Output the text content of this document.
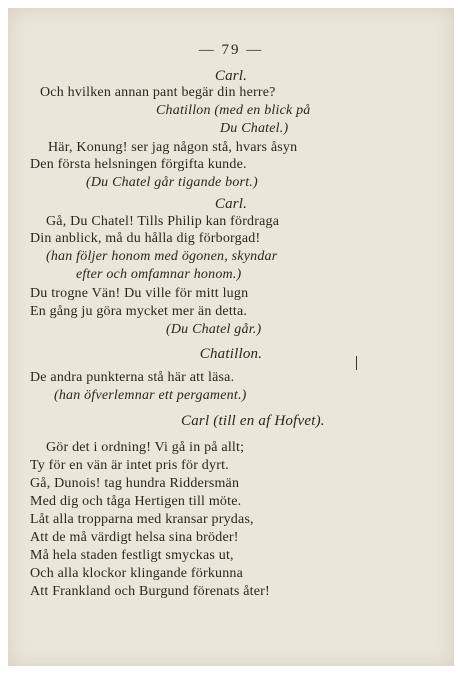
— 79 —
Carl.
Och hvilken annan pant begär din herre?
Chatillon (med en blick på
Du Chatel.)
Här, Konung! ser jag någon stå, hvars åsyn
Den första helsningen förgifta kunde.
(Du Chatel går tigande bort.)
Carl.
Gå, Du Chatel! Tills Philip kan fördraga
Din anblick, må du hålla dig förborgad!
(han följer honom med ögonen, skyndar
efter och omfamnar honom.)
Du trogne Vän! Du ville för mitt lugn
En gång ju göra mycket mer än detta.
(Du Chatel går.)
Chatillon.
De andra punkterna stå här att läsa.
(han öfverlemnar ett pergament.)
Carl (till en af Hofvet).
Gör det i ordning! Vi gå in på allt;
Ty för en vän är intet pris för dyrt.
Gå, Dunois! tag hundra Riddersmän
Med dig och tåga Hertigen till möte.
Låt alla tropparna med kransar prydas,
Att de må värdigt helsa sina bröder!
Må hela staden festligt smyckas ut,
Och alla klockor klingande förkunna
Att Frankland och Burgund förenats åter!
